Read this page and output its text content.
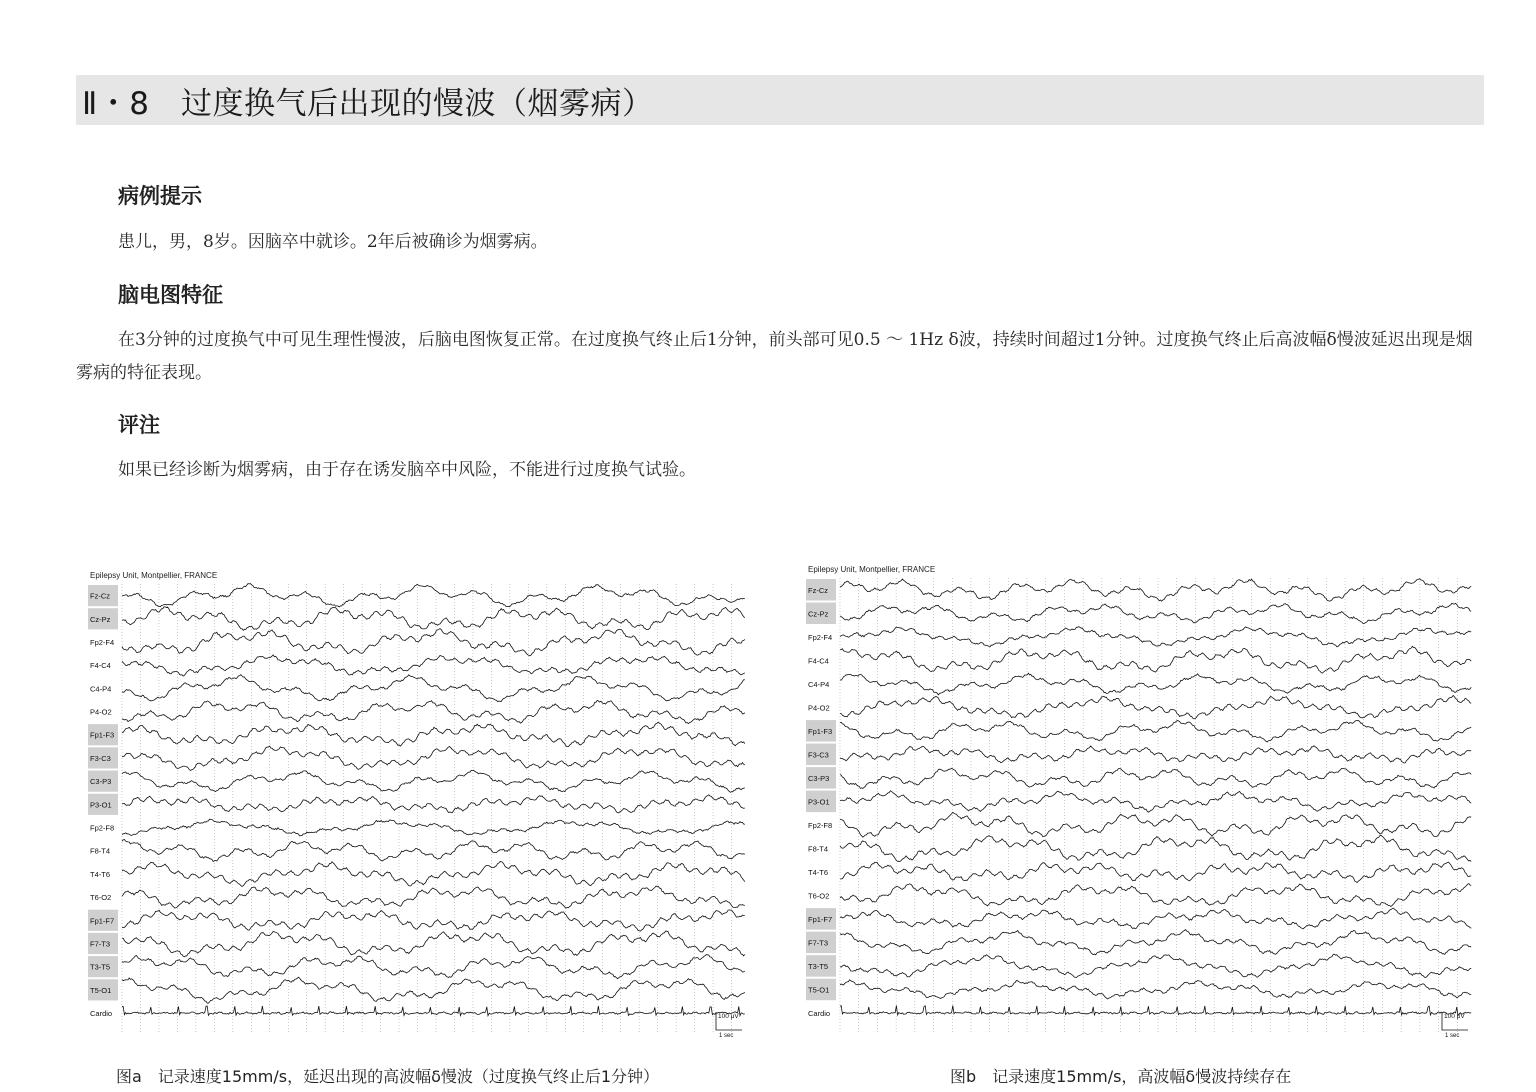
Ⅱ・8　过度换气后出现的慢波（烟雾病）
病例提示
患儿，男，8岁。因脑卒中就诊。2年后被确诊为烟雾病。
脑电图特征
在3分钟的过度换气中可见生理性慢波，后脑电图恢复正常。在过度换气终止后1分钟，前头部可见0.5 ～ 1Hz δ波，持续时间超过1分钟。过度换气终止后高波幅δ慢波延迟出现是烟雾病的特征表现。
评注
如果已经诊断为烟雾病，由于存在诱发脑卒中风险，不能进行过度换气试验。
Epilepsy Unit, Montpellier, FRANCE
Fz-Cz
Cz-Pz
Fp2-F4
F4-C4
C4-P4
P4-O2
Fp1-F3
F3-C3
C3-P3
P3-O1
Fp2-F8
F8-T4
T4-T6
T6-O2
Fp1-F7
F7-T3
T3-T5
T5-O1
Cardio	100 μV
1 sec
图a　记录速度15mm/s，延迟出现的高波幅δ慢波（过度换气终止后1分钟）
Epilepsy Unit, Montpellier, FRANCE
Fz-Cz
Cz-Pz
Fp2-F4
F4-C4
C4-P4
P4-O2
Fp1-F3
F3-C3
C3-P3
P3-O1
Fp2-F8
F8-T4
T4-T6
T6-O2
Fp1-F7
F7-T3
T3-T5
T5-O1
Cardio	100 μV
1 sec
图b　记录速度15mm/s，高波幅δ慢波持续存在
